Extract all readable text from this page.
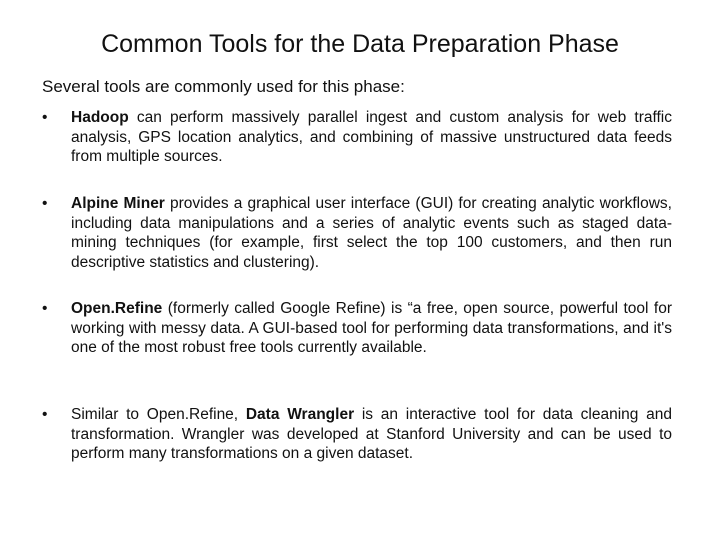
Common Tools for the Data Preparation Phase

Several tools are commonly used for this phase:

•	Hadoop can perform massively parallel ingest and custom analysis for web traffic analysis, GPS location analytics, and combining of massive unstructured data feeds from multiple sources.
•	Alpine Miner provides a graphical user interface (GUI) for creating analytic workflows, including data manipulations and a series of analytic events such as staged data-mining techniques (for example, first select the top 100 customers, and then run descriptive statistics and clustering).
•	Open.Refine (formerly called Google Refine) is “a free, open source, powerful tool for working with messy data. A GUI-based tool for performing data transformations, and it's one of the most robust free tools currently available.
•	Similar to Open.Refine, Data Wrangler is an interactive tool for data cleaning and transformation. Wrangler was developed at Stanford University and can be used to perform many transformations on a given dataset.
